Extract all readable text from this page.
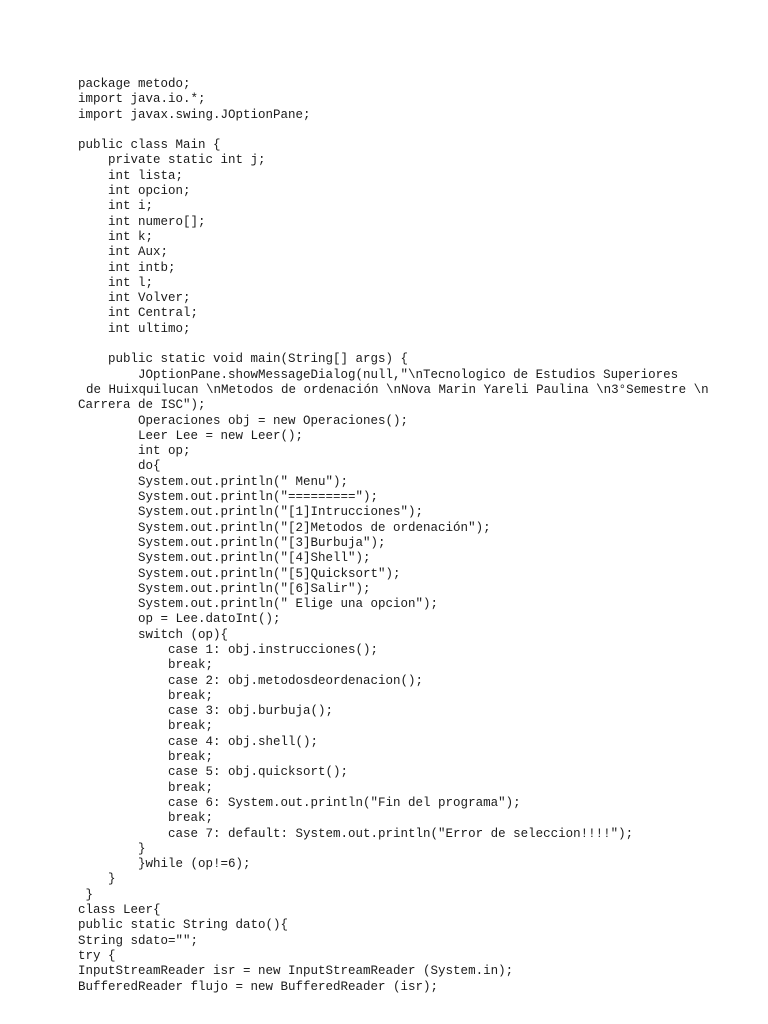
package metodo;
import java.io.*;
import javax.swing.JOptionPane;
public class Main {
private static int j;
int lista;
int opcion;
int i;
int numero[];
int k;
int Aux;
int intb;
int l;
int Volver;
int Central;
int ultimo;
public static void main(String[] args) {
JOptionPane.showMessageDialog(null,"\nTecnologico de Estudios Superiores
de Huixquilucan \nMetodos de ordenación \nNova Marin Yareli Paulina \n3°Semestre \n
Carrera de ISC");
Operaciones obj = new Operaciones();
Leer Lee = new Leer();
int op;
do{
System.out.println(" Menu");
System.out.println("=========");
System.out.println("[1]Intrucciones");
System.out.println("[2]Metodos de ordenación");
System.out.println("[3]Burbuja");
System.out.println("[4]Shell");
System.out.println("[5]Quicksort");
System.out.println("[6]Salir");
System.out.println(" Elige una opcion");
op = Lee.datoInt();
switch (op){
case 1: obj.instrucciones();
break;
case 2: obj.metodosdeordenacion();
break;
case 3: obj.burbuja();
break;
case 4: obj.shell();
break;
case 5: obj.quicksort();
break;
case 6: System.out.println("Fin del programa");
break;
case 7: default: System.out.println("Error de seleccion!!!!");
}
}while (op!=6);
}
}
class Leer{
public static String dato(){
String sdato="";
try {
InputStreamReader isr = new InputStreamReader (System.in);
BufferedReader flujo = new BufferedReader (isr);
